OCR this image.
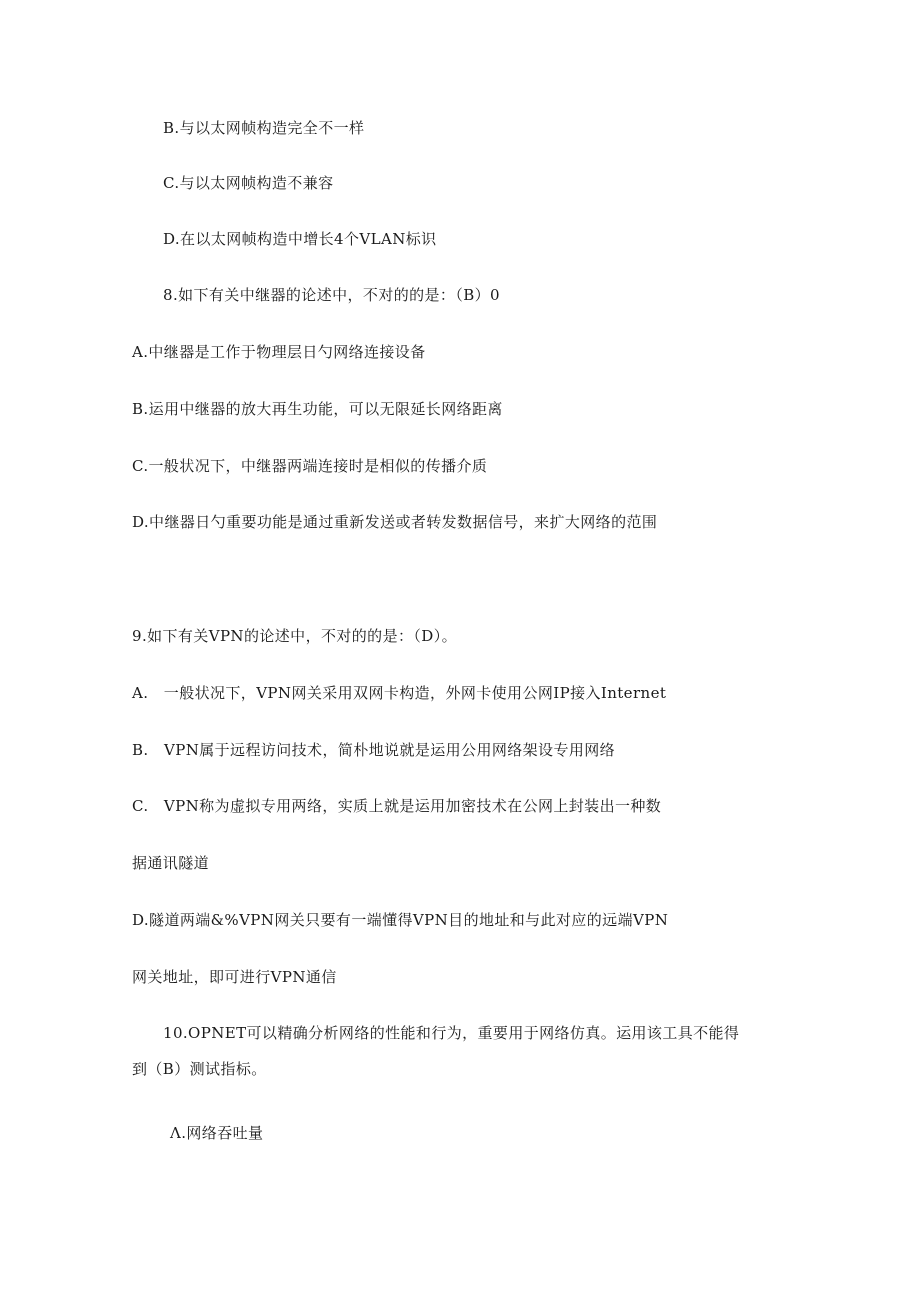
B.与以太网帧构造完全不一样
C.与以太网帧构造不兼容
D.在以太网帧构造中增长4个VLAN标识
8.如下有关中继器的论述中，不对的的是：（B）0
A.中继器是工作于物理层日勺网络连接设备
B.运用中继器的放大再生功能，可以无限延长网络距离
C.一般状况下，中继器两端连接时是相似的传播介质
D.中继器日勺重要功能是通过重新发送或者转发数据信号，来扩大网络的范围
9.如下有关VPN的论述中，不对的的是：（D）。
A.　一般状况下，VPN网关采用双网卡构造，外网卡使用公网IP接入Internet
B.　VPN属于远程访问技术，简朴地说就是运用公用网络架设专用网络
C.　VPN称为虚拟专用两络，实质上就是运用加密技术在公网上封装出一种数
据通讯隧道
D.隧道两端&%VPN网关只要有一端懂得VPN目的地址和与此对应的远端VPN
网关地址，即可进行VPN通信
10.OPNET可以精确分析网络的性能和行为，重要用于网络仿真。运用该工具不能得
到（B）测试指标。
Λ.网络吞吐量
